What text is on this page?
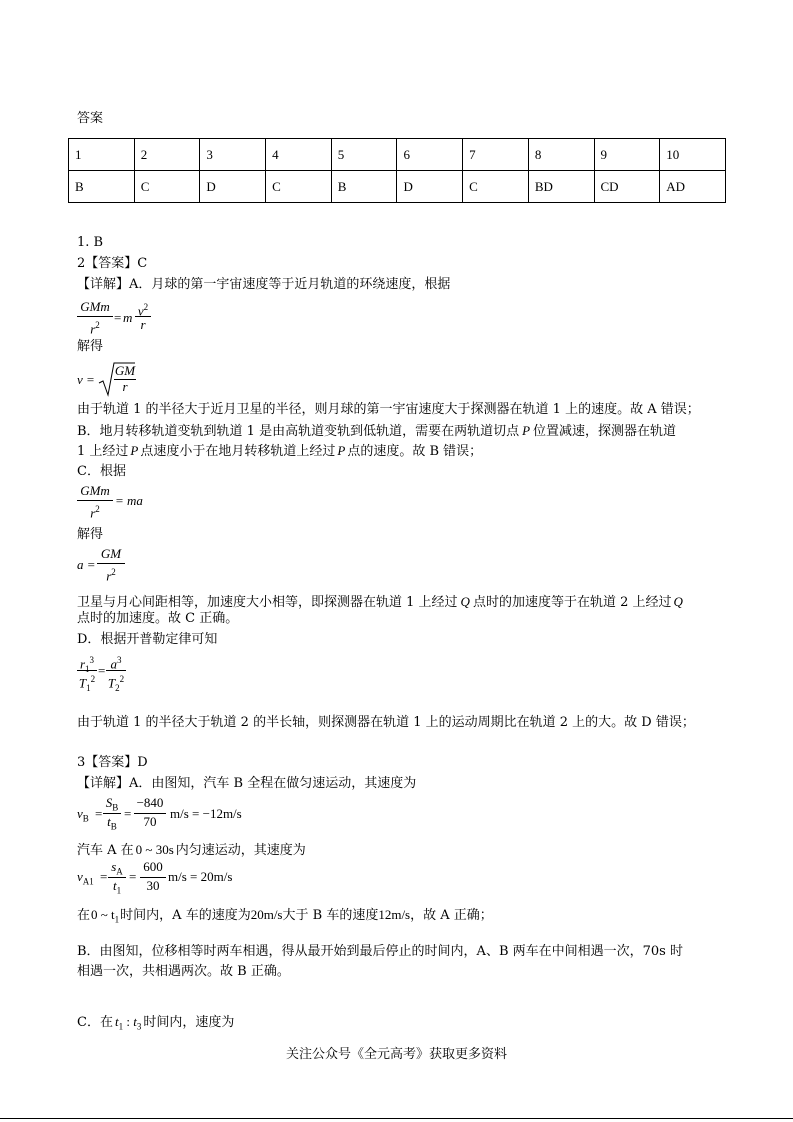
答案
1	2	3	4	5	6	7	8	9	10
B	C	D	C	B	D	C	BD	CD	AD
1. B
2【答案】C
【详解】A．月球的第一宇宙速度等于近月轨道的环绕速度，根据
GMm
$r^2$	= m $v^2$
r
解得
v =
GM
r
由于轨道 1 的半径大于近月卫星的半径，则月球的第一宇宙速度大于探测器在轨道 1 上的速度。故 A 错误；
B．地月转移轨道变轨到轨道 1 是由高轨道变轨到低轨道，需要在两轨道切点 P 位置减速，探测器在轨道
1 上经过 P 点速度小于在地月转移轨道上经过 P 点的速度。故 B 错误；
C．根据
GMm
$r^2$
= ma
解得
a =
GM
$r^2$
卫星与月心间距相等，加速度大小相等，即探测器在轨道 1 上经过 Q 点时的加速度等于在轨道 2 上经过 Q
点时的加速度。故 C 正确。
D．根据开普勒定律可知
$r_1^3$
$T_1^2$
= $a^3$
$T_2^2$
由于轨道 1 的半径大于轨道 2 的半长轴，则探测器在轨道 1 上的运动周期比在轨道 2 上的大。故 D 错误；
3【答案】D
【详解】A．由图知，汽车 B 全程在做匀速运动，其速度为
$v_B$ =
$S_B$
$t_B$
=
−840
70
m/s = −12m/s
汽车 A 在 0 ~ 30s 内匀速运动，其速度为
$v_{A1}$ =
$s_A$
$t_1$
=
600
30
m/s = 20m/s
在0 ~ $t_1$时间内，A 车的速度为20m/s大于 B 车的速度12m/s，故 A 正确；
B．由图知，位移相等时两车相遇，得从最开始到最后停止的时间内，A、B 两车在中间相遇一次，70s 时
相遇一次，共相遇两次。故 B 正确。
C．在 $t_1$ : $t_3$ 时间内，速度为
关注公众号《全元高考》获取更多资料
